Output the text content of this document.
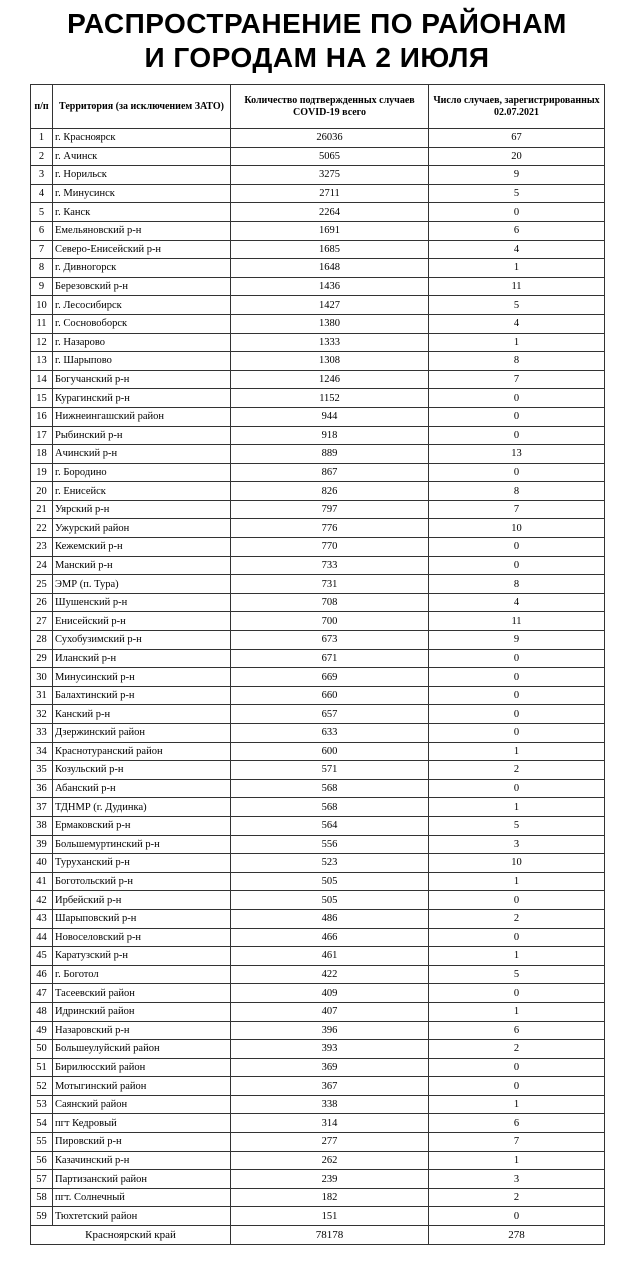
РАСПРОСТРАНЕНИЕ ПО РАЙОНАМ
И ГОРОДАМ НА 2 ИЮЛЯ
п/п	Территория (за исключением ЗАТО)	Количество подтвержденных случаев COVID-19 всего	Число случаев, зарегистрированных 02.07.2021
1	г. Красноярск	26036	67
2	г. Ачинск	5065	20
3	г. Норильск	3275	9
4	г. Минусинск	2711	5
5	г. Канск	2264	0
6	Емельяновский р-н	1691	6
7	Северо-Енисейский р-н	1685	4
8	г. Дивногорск	1648	1
9	Березовский р-н	1436	11
10	г. Лесосибирск	1427	5
11	г. Сосновоборск	1380	4
12	г. Назарово	1333	1
13	г. Шарыпово	1308	8
14	Богучанский р-н	1246	7
15	Курагинский р-н	1152	0
16	Нижнеингашский район	944	0
17	Рыбинский р-н	918	0
18	Ачинский р-н	889	13
19	г. Бородино	867	0
20	г. Енисейск	826	8
21	Уярский р-н	797	7
22	Ужурский район	776	10
23	Кежемский р-н	770	0
24	Манский р-н	733	0
25	ЭМР (п. Тура)	731	8
26	Шушенский р-н	708	4
27	Енисейский р-н	700	11
28	Сухобузимский р-н	673	9
29	Иланский р-н	671	0
30	Минусинский р-н	669	0
31	Балахтинский р-н	660	0
32	Канский р-н	657	0
33	Дзержинский район	633	0
34	Краснотуранский район	600	1
35	Козульский р-н	571	2
36	Абанский р-н	568	0
37	ТДНМР (г. Дудинка)	568	1
38	Ермаковский р-н	564	5
39	Большемуртинский р-н	556	3
40	Туруханский р-н	523	10
41	Боготольский р-н	505	1
42	Ирбейский р-н	505	0
43	Шарыповский р-н	486	2
44	Новоселовский р-н	466	0
45	Каратузский р-н	461	1
46	г. Боготол	422	5
47	Тасеевский район	409	0
48	Идринский район	407	1
49	Назаровский р-н	396	6
50	Большеулуйский район	393	2
51	Бирилюсский район	369	0
52	Мотыгинский район	367	0
53	Саянский район	338	1
54	пгт Кедровый	314	6
55	Пировский р-н	277	7
56	Казачинский р-н	262	1
57	Партизанский район	239	3
58	пгт. Солнечный	182	2
59	Тюхтетский район	151	0
Красноярский край		78178	278
